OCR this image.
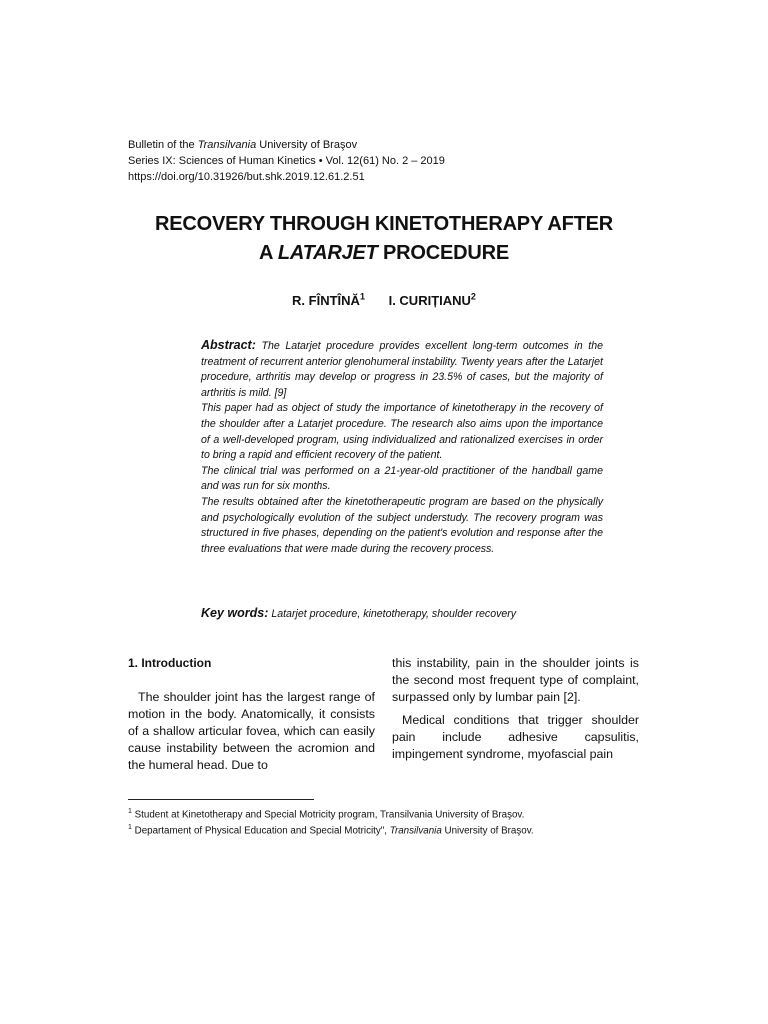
Bulletin of the Transilvania University of Braşov
Series IX: Sciences of Human Kinetics • Vol. 12(61) No. 2 – 2019
https://doi.org/10.31926/but.shk.2019.12.61.2.51
RECOVERY THROUGH KINETOTHERAPY AFTER
A LATARJET PROCEDURE
R. FÎNTÎNĂ$^1$ I. CURIȚIANU$^2$

Abstract: The Latarjet procedure provides excellent long-term outcomes in the treatment of recurrent anterior glenohumeral instability. Twenty years after the Latarjet procedure, arthritis may develop or progress in 23.5% of cases, but the majority of arthritis is mild. [9]

This paper had as object of study the importance of kinetotherapy in the recovery of the shoulder after a Latarjet procedure. The research also aims upon the importance of a well-developed program, using individualized and rationalized exercises in order to bring a rapid and efficient recovery of the patient.

The clinical trial was performed on a 21-year-old practitioner of the handball game and was run for six months.

The results obtained after the kinetotherapeutic program are based on the physically and psychologically evolution of the subject understudy. The recovery program was structured in five phases, depending on the patient's evolution and response after the three evaluations that were made during the recovery process.

Key words: Latarjet procedure, kinetotherapy, shoulder recovery

1. Introduction

The shoulder joint has the largest range of motion in the body. Anatomically, it consists of a shallow articular fovea, which can easily cause instability between the acromion and the humeral head. Due to

this instability, pain in the shoulder joints is the second most frequent type of complaint, surpassed only by lumbar pain [2].

Medical conditions that trigger shoulder pain include adhesive capsulitis, impingement syndrome, myofascial pain

$^1$ Student at Kinetotherapy and Special Motricity program, Transilvania University of Braşov.
$^1$ Departament of Physical Education and Special Motricity", Transilvania University of Braşov.
